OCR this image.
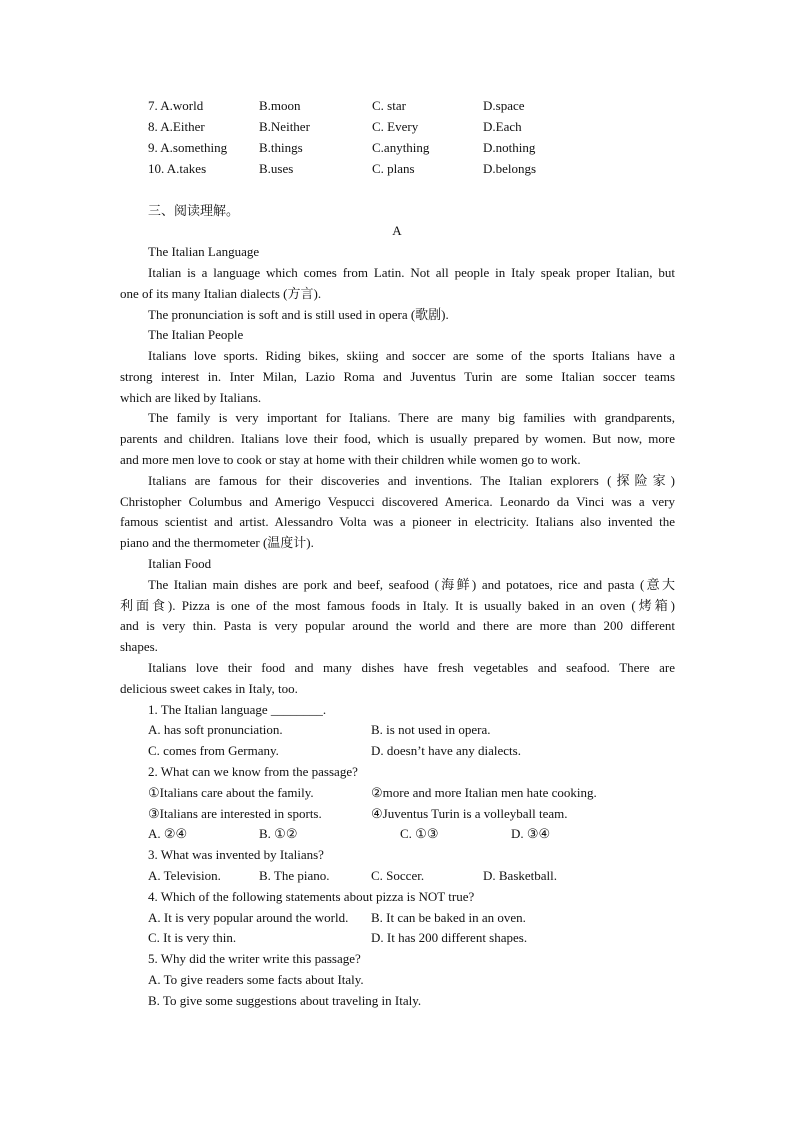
7. A.world	B.moon	C. star	D.space
8. A.Either	B.Neither	C. Every	D.Each
9. A.something B.things	C.anything	D.nothing
10. A.takes	B.uses	C. plans	D.belongs
三、阅读理解。
A
The Italian Language
Italian is a language which comes from Latin. Not all people in Italy speak proper Italian, but
one of its many Italian dialects (方言).
The pronunciation is soft and is still used in opera (歌剧).
The Italian People
Italians love sports. Riding bikes, skiing and soccer are some of the sports Italians have a
strong interest in. Inter Milan, Lazio Roma and Juventus Turin are some Italian soccer teams
which are liked by Italians.
The family is very important for Italians. There are many big families with grandparents,
parents and children. Italians love their food, which is usually prepared by women. But now, more
and more men love to cook or stay at home with their children while women go to work.
Italians are famous for their discoveries and inventions. The Italian explorers (探险家)
Christopher Columbus and Amerigo Vespucci discovered America. Leonardo da Vinci was a very
famous scientist and artist. Alessandro Volta was a pioneer in electricity. Italians also invented the
piano and the thermometer (温度计).
Italian Food
The Italian main dishes are pork and beef, seafood (海鲜) and potatoes, rice and pasta (意大
利面食). Pizza is one of the most famous foods in Italy. It is usually baked in an oven (烤箱)
and is very thin. Pasta is very popular around the world and there are more than 200 different
shapes.
Italians love their food and many dishes have fresh vegetables and seafood. There are
delicious sweet cakes in Italy, too.
1. The Italian language ________.
A. has soft pronunciation.	B. is not used in opera.
C. comes from Germany.	D. doesn’t have any dialects.
2. What can we know from the passage?
①Italians care about the family.	②more and more Italian men hate cooking.
③Italians are interested in sports.	④Juventus Turin is a volleyball team.
A. ②④	B. ①②	C. ①③	D. ③④
3. What was invented by Italians?
A. Television.	B. The piano.	C. Soccer.	D. Basketball.
4. Which of the following statements about pizza is NOT true?
A. It is very popular around the world. B. It can be baked in an oven.
C. It is very thin.	D. It has 200 different shapes.
5. Why did the writer write this passage?
A. To give readers some facts about Italy.
B. To give some suggestions about traveling in Italy.
